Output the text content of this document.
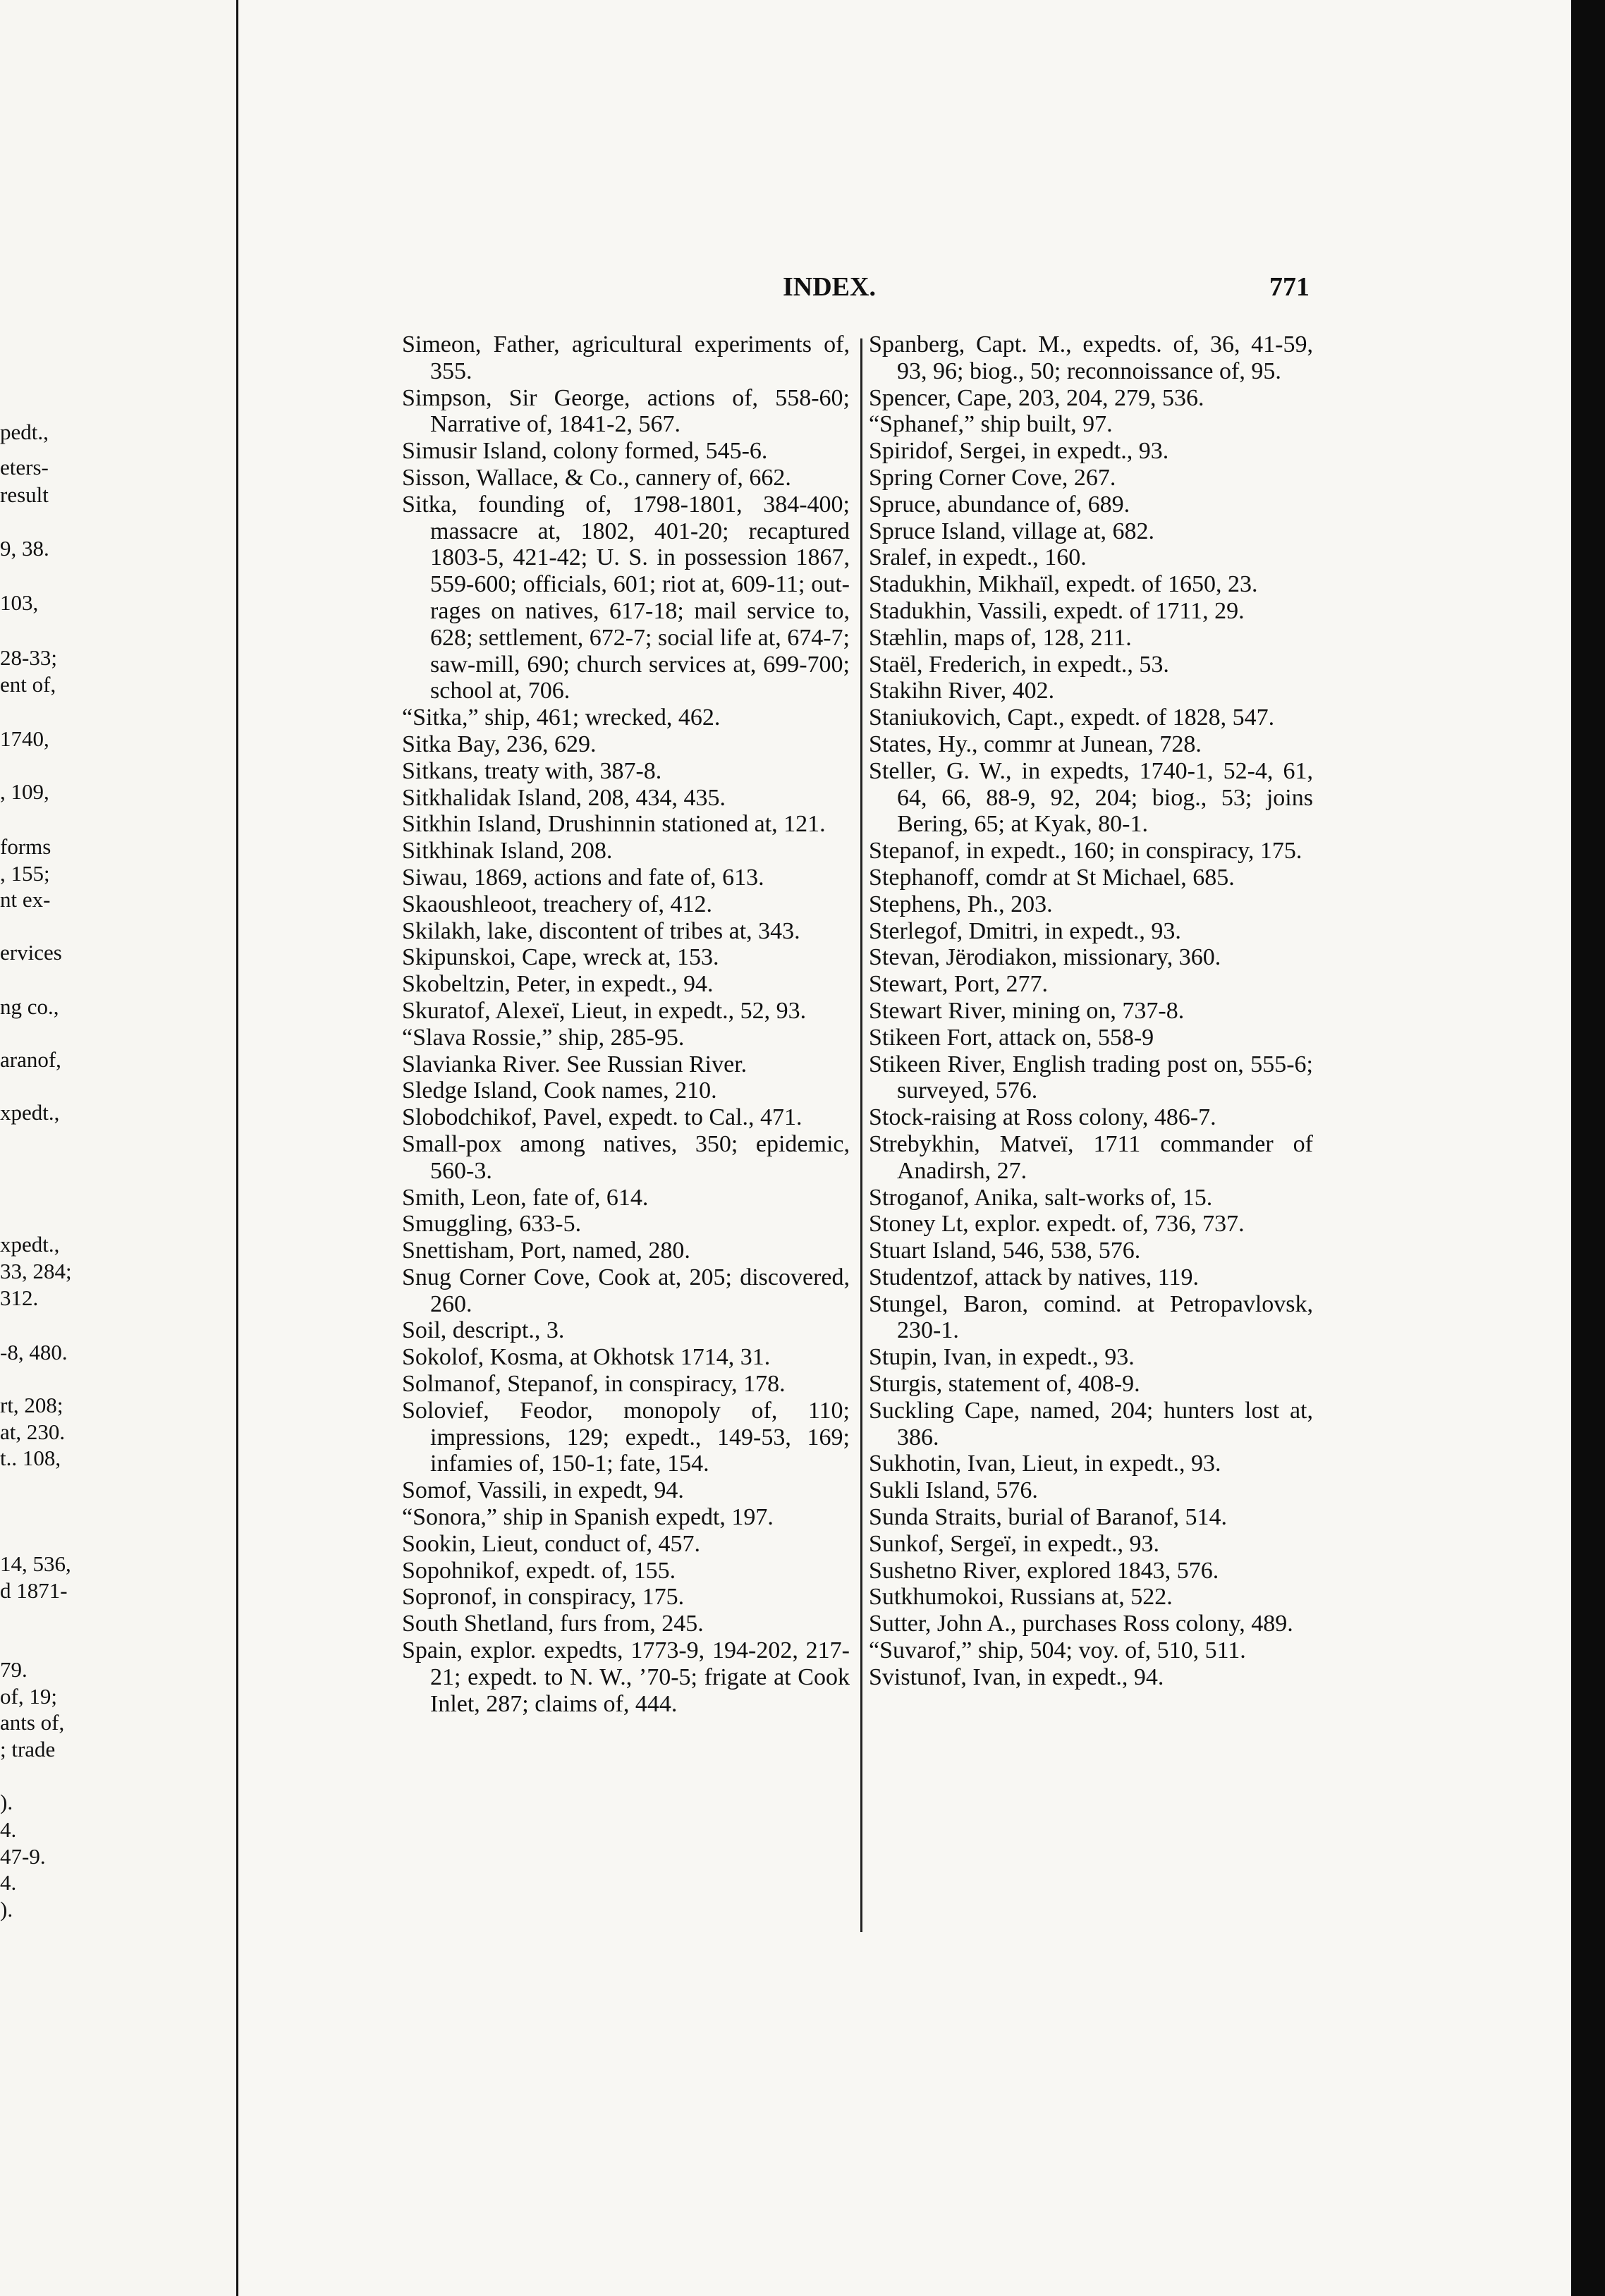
pedt.,
eters-
result
9, 38.
103,
28-33;
ent of,
1740,
, 109,
forms
, 155;
nt ex-
ervices
ng co.,
aranof,
xpedt.,
xpedt.,
33, 284;
312.
-8, 480.
rt, 208;
at, 230.
t.. 108,
14, 536,
d 1871-
79.
of, 19;
ants of,
; trade
).
4.
47-9.
4.
).
INDEX.	771
Simeon, Father, agricultural experiments of, 355.
Simpson, Sir George, actions of, 558-60; Narrative of, 1841-2, 567.
Simusir Island, colony formed, 545-6.
Sisson, Wallace, & Co., cannery of, 662.
Sitka, founding of, 1798-1801, 384-400; massacre at, 1802, 401-20; recaptured 1803-5, 421-42; U. S. in possession 1867, 559-600; officials, 601; riot at, 609-11; outrages on natives, 617-18; mail service to, 628; settlement, 672-7; social life at, 674-7; saw-mill, 690; church services at, 699-700; school at, 706.
“Sitka,” ship, 461; wrecked, 462.
Sitka Bay, 236, 629.
Sitkans, treaty with, 387-8.
Sitkhalidak Island, 208, 434, 435.
Sitkhin Island, Drushinnin stationed at, 121.
Sitkhinak Island, 208.
Siwau, 1869, actions and fate of, 613.
Skaoushleoot, treachery of, 412.
Skilakh, lake, discontent of tribes at, 343.
Skipunskoi, Cape, wreck at, 153.
Skobeltzin, Peter, in expedt., 94.
Skuratof, Alexeï, Lieut, in expedt., 52, 93.
“Slava Rossie,” ship, 285-95.
Slavianka River. See Russian River.
Sledge Island, Cook names, 210.
Slobodchikof, Pavel, expedt. to Cal., 471.
Small-pox among natives, 350; epidemic, 560-3.
Smith, Leon, fate of, 614.
Smuggling, 633-5.
Snettisham, Port, named, 280.
Snug Corner Cove, Cook at, 205; discovered, 260.
Soil, descript., 3.
Sokolof, Kosma, at Okhotsk 1714, 31.
Solmanof, Stepanof, in conspiracy, 178.
Solovief, Feodor, monopoly of, 110; impressions, 129; expedt., 149-53, 169; infamies of, 150-1; fate, 154.
Somof, Vassili, in expedt, 94.
“Sonora,” ship in Spanish expedt, 197.
Sookin, Lieut, conduct of, 457.
Sopohnikof, expedt. of, 155.
Sopronof, in conspiracy, 175.
South Shetland, furs from, 245.
Spain, explor. expedts, 1773-9, 194-202, 217-21; expedt. to N. W., ’70-5; frigate at Cook Inlet, 287; claims of, 444.
Spanberg, Capt. M., expedts. of, 36, 41-59, 93, 96; biog., 50; reconnoissance of, 95.
Spencer, Cape, 203, 204, 279, 536.
“Sphanef,” ship built, 97.
Spiridof, Sergei, in expedt., 93.
Spring Corner Cove, 267.
Spruce, abundance of, 689.
Spruce Island, village at, 682.
Sralef, in expedt., 160.
Stadukhin, Mikhaïl, expedt. of 1650, 23.
Stadukhin, Vassili, expedt. of 1711, 29.
Stæhlin, maps of, 128, 211.
Staël, Frederich, in expedt., 53.
Stakihn River, 402.
Staniukovich, Capt., expedt. of 1828, 547.
States, Hy., commr at Junean, 728.
Steller, G. W., in expedts, 1740-1, 52-4, 61, 64, 66, 88-9, 92, 204; biog., 53; joins Bering, 65; at Kyak, 80-1.
Stepanof, in expedt., 160; in conspiracy, 175.
Stephanoff, comdr at St Michael, 685.
Stephens, Ph., 203.
Sterlegof, Dmitri, in expedt., 93.
Stevan, Jërodiakon, missionary, 360.
Stewart, Port, 277.
Stewart River, mining on, 737-8.
Stikeen Fort, attack on, 558-9
Stikeen River, English trading post on, 555-6; surveyed, 576.
Stock-raising at Ross colony, 486-7.
Strebykhin, Matveï, 1711 commander of Anadirsh, 27.
Stroganof, Anika, salt-works of, 15.
Stoney Lt, explor. expedt. of, 736, 737.
Stuart Island, 546, 538, 576.
Studentzof, attack by natives, 119.
Stungel, Baron, comind. at Petropavlovsk, 230-1.
Stupin, Ivan, in expedt., 93.
Sturgis, statement of, 408-9.
Suckling Cape, named, 204; hunters lost at, 386.
Sukhotin, Ivan, Lieut, in expedt., 93.
Sukli Island, 576.
Sunda Straits, burial of Baranof, 514.
Sunkof, Sergeï, in expedt., 93.
Sushetno River, explored 1843, 576.
Sutkhumokoi, Russians at, 522.
Sutter, John A., purchases Ross colony, 489.
“Suvarof,” ship, 504; voy. of, 510, 511.
Svistunof, Ivan, in expedt., 94.
